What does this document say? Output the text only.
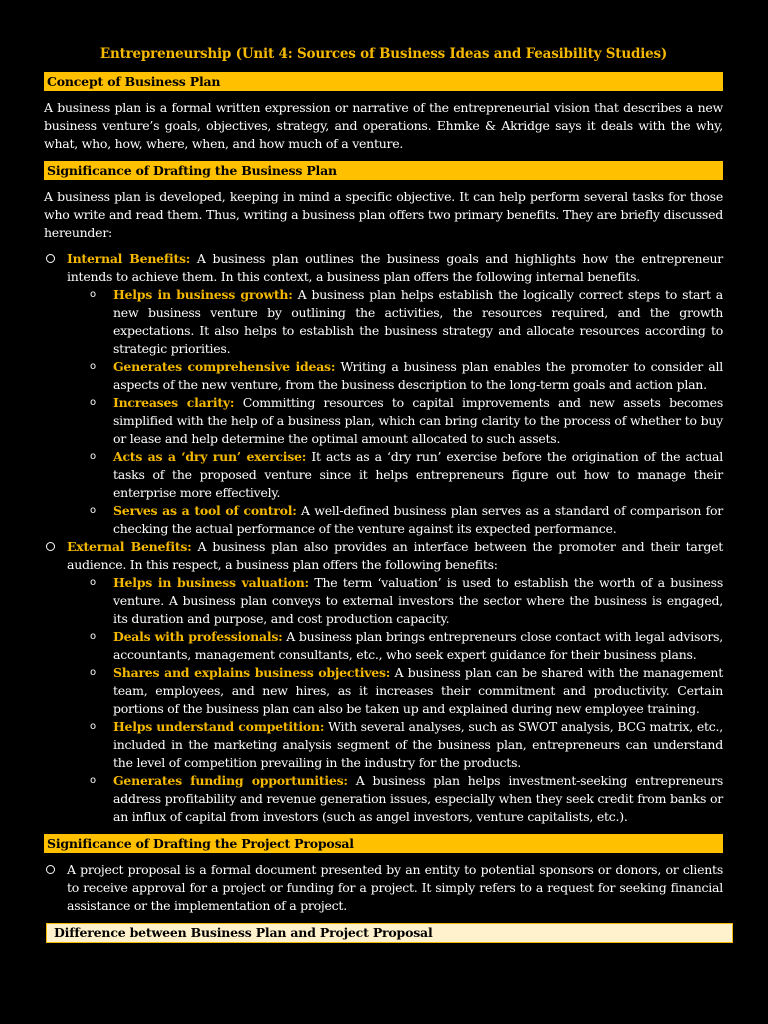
Entrepreneurship (Unit 4: Sources of Business Ideas and Feasibility Studies)
Concept of Business Plan

A business plan is a formal written expression or narrative of the entrepreneurial vision that describes a new business venture’s goals, objectives, strategy, and operations. Ehmke & Akridge says it deals with the why, what, who, how, where, when, and how much of a venture.

Significance of Drafting the Business Plan

A business plan is developed, keeping in mind a specific objective. It can help perform several tasks for those who write and read them. Thus, writing a business plan offers two primary benefits. They are briefly discussed hereunder:

Internal Benefits: A business plan outlines the business goals and highlights how the entrepreneur intends to achieve them. In this context, a business plan offers the following internal benefits.
o Helps in business growth: A business plan helps establish the logically correct steps to start a new business venture by outlining the activities, the resources required, and the growth expectations. It also helps to establish the business strategy and allocate resources according to strategic priorities.
o Generates comprehensive ideas: Writing a business plan enables the promoter to consider all aspects of the new venture, from the business description to the long-term goals and action plan.
o Increases clarity: Committing resources to capital improvements and new assets becomes simplified with the help of a business plan, which can bring clarity to the process of whether to buy or lease and help determine the optimal amount allocated to such assets.
o Acts as a ‘dry run’ exercise: It acts as a ‘dry run’ exercise before the origination of the actual tasks of the proposed venture since it helps entrepreneurs figure out how to manage their enterprise more effectively.
o Serves as a tool of control: A well-defined business plan serves as a standard of comparison for checking the actual performance of the venture against its expected performance.
External Benefits: A business plan also provides an interface between the promoter and their target audience. In this respect, a business plan offers the following benefits:
o Helps in business valuation: The term ‘valuation’ is used to establish the worth of a business venture. A business plan conveys to external investors the sector where the business is engaged, its duration and purpose, and cost production capacity.
o Deals with professionals: A business plan brings entrepreneurs close contact with legal advisors, accountants, management consultants, etc., who seek expert guidance for their business plans.
o Shares and explains business objectives: A business plan can be shared with the management team, employees, and new hires, as it increases their commitment and productivity. Certain portions of the business plan can also be taken up and explained during new employee training.
o Helps understand competition: With several analyses, such as SWOT analysis, BCG matrix, etc., included in the marketing analysis segment of the business plan, entrepreneurs can understand the level of competition prevailing in the industry for the products.
o Generates funding opportunities: A business plan helps investment-seeking entrepreneurs address profitability and revenue generation issues, especially when they seek credit from banks or an influx of capital from investors (such as angel investors, venture capitalists, etc.).
Significance of Drafting the Project Proposal
A project proposal is a formal document presented by an entity to potential sponsors or donors, or clients to receive approval for a project or funding for a project. It simply refers to a request for seeking financial assistance or the implementation of a project.
Difference between Business Plan and Project Proposal
